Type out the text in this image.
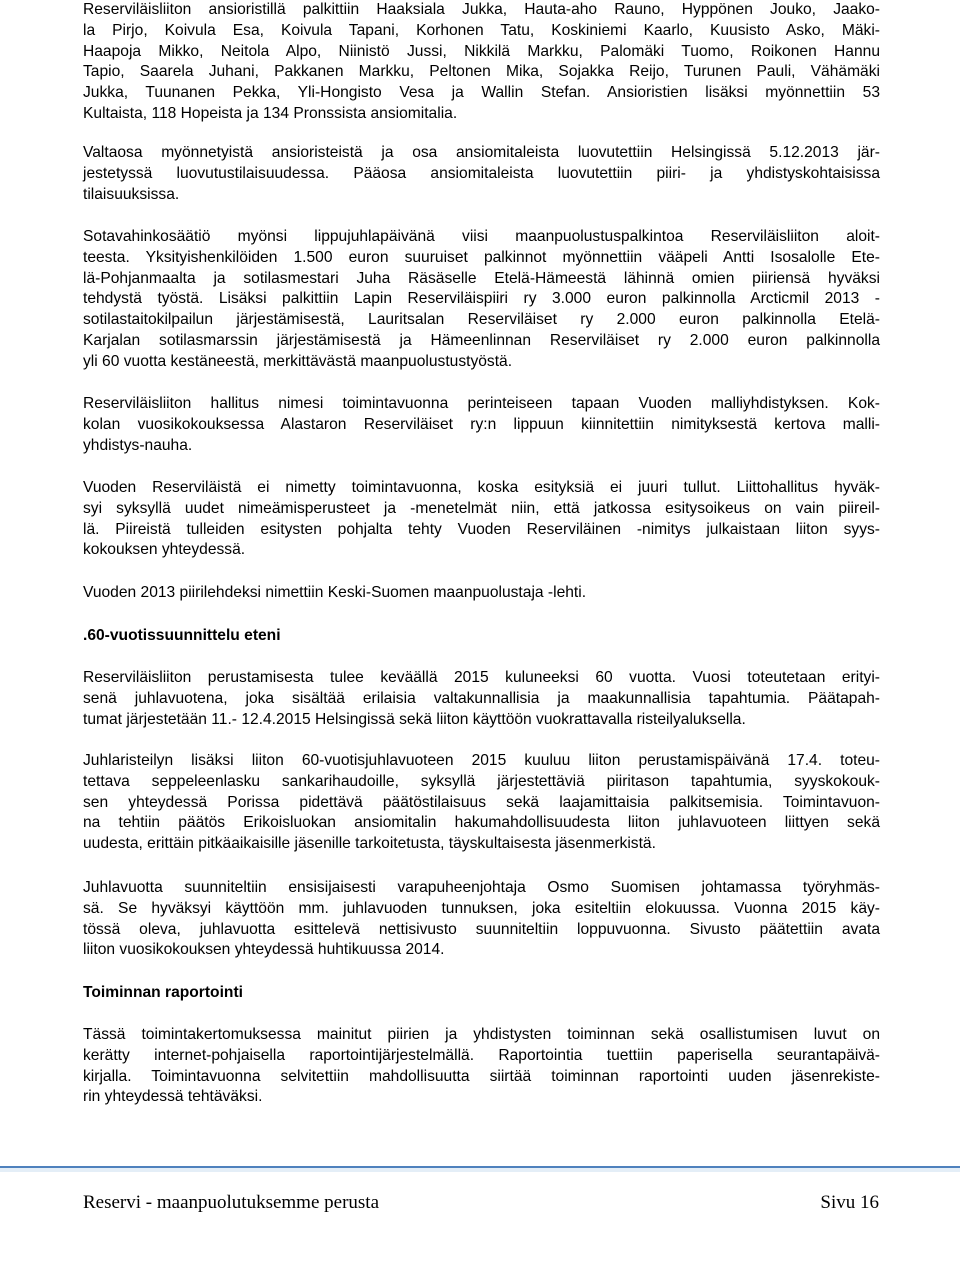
Reserviläisliiton ansioristillä palkittiin Haaksiala Jukka, Hauta-aho Rauno, Hyppönen Jouko, Jaako-
la Pirjo, Koivula Esa, Koivula Tapani, Korhonen Tatu, Koskiniemi Kaarlo, Kuusisto Asko, Mäki-
Haapoja Mikko, Neitola Alpo, Niinistö Jussi, Nikkilä Markku, Palomäki Tuomo, Roikonen Hannu
Tapio, Saarela Juhani, Pakkanen Markku, Peltonen Mika, Sojakka Reijo, Turunen Pauli, Vähämäki
Jukka, Tuunanen Pekka, Yli-Hongisto Vesa ja Wallin Stefan. Ansioristien lisäksi myönnettiin 53
Kultaista, 118 Hopeista ja 134 Pronssista ansiomitalia.

Valtaosa myönnetyistä ansioristeistä ja osa ansiomitaleista luovutettiin Helsingissä 5.12.2013 jär-
jestetyssä luovutustilaisuudessa. Pääosa ansiomitaleista luovutettiin piiri- ja yhdistyskohtaisissa
tilaisuuksissa.

Sotavahinkosäätiö myönsi lippujuhlapäivänä viisi maanpuolustuspalkintoa Reserviläisliiton aloit-
teesta. Yksityishenkilöiden 1.500 euron suuruiset palkinnot myönnettiin vääpeli Antti Isosalolle Ete-
lä-Pohjanmaalta ja sotilasmestari Juha Räsäselle Etelä-Hämeestä lähinnä omien piiriensä hyväksi
tehdystä työstä. Lisäksi palkittiin Lapin Reserviläispiiri ry 3.000 euron palkinnolla Arcticmil 2013 -
sotilastaitokilpailun järjestämisestä, Lauritsalan Reserviläiset ry 2.000 euron palkinnolla Etelä-
Karjalan sotilasmarssin järjestämisestä ja Hämeenlinnan Reserviläiset ry 2.000 euron palkinnolla
yli 60 vuotta kestäneestä, merkittävästä maanpuolustustyöstä.

Reserviläisliiton hallitus nimesi toimintavuonna perinteiseen tapaan Vuoden malliyhdistyksen. Kok-
kolan vuosikokouksessa Alastaron Reserviläiset ry:n lippuun kiinnitettiin nimityksestä kertova malli-
yhdistys-nauha.

Vuoden Reserviläistä ei nimetty toimintavuonna, koska esityksiä ei juuri tullut. Liittohallitus hyväk-
syi syksyllä uudet nimeämisperusteet ja -menetelmät niin, että jatkossa esitysoikeus on vain piireil-
lä. Piireistä tulleiden esitysten pohjalta tehty Vuoden Reserviläinen -nimitys julkaistaan liiton syys-
kokouksen yhteydessä.

Vuoden 2013 piirilehdeksi nimettiin Keski-Suomen maanpuolustaja -lehti.

.60-vuotissuunnittelu eteni

Reserviläisliiton perustamisesta tulee keväällä 2015 kuluneeksi 60 vuotta. Vuosi toteutetaan erityi-
senä juhlavuotena, joka sisältää erilaisia valtakunnallisia ja maakunnallisia tapahtumia. Päätapah-
tumat järjestetään 11.- 12.4.2015 Helsingissä sekä liiton käyttöön vuokrattavalla risteilyaluksella.

Juhlaristeilyn lisäksi liiton 60-vuotisjuhlavuoteen 2015 kuuluu liiton perustamispäivänä 17.4. toteu-
tettava seppeleenlasku sankarihaudoille, syksyllä järjestettäviä piiritason tapahtumia, syyskokouk-
sen yhteydessä Porissa pidettävä päätöstilaisuus sekä laajamittaisia palkitsemisia. Toimintavuon-
na tehtiin päätös Erikoisluokan ansiomitalin hakumahdollisuudesta liiton juhlavuoteen liittyen sekä
uudesta, erittäin pitkäaikaisille jäsenille tarkoitetusta, täyskultaisesta jäsenmerkistä.

Juhlavuotta suunniteltiin ensisijaisesti varapuheenjohtaja Osmo Suomisen johtamassa työryhmäs-
sä. Se hyväksyi käyttöön mm. juhlavuoden tunnuksen, joka esiteltiin elokuussa. Vuonna 2015 käy-
tössä oleva, juhlavuotta esittelevä nettisivusto suunniteltiin loppuvuonna. Sivusto päätettiin avata
liiton vuosikokouksen yhteydessä huhtikuussa 2014.

Toiminnan raportointi

Tässä toimintakertomuksessa mainitut piirien ja yhdistysten toiminnan sekä osallistumisen luvut on
kerätty internet-pohjaisella raportointijärjestelmällä. Raportointia tuettiin paperisella seurantapäivä-
kirjalla. Toimintavuonna selvitettiin mahdollisuutta siirtää toiminnan raportointi uuden jäsenrekiste-
rin yhteydessä tehtäväksi.

Reservi - maanpuolutuksemme perusta	Sivu 16
